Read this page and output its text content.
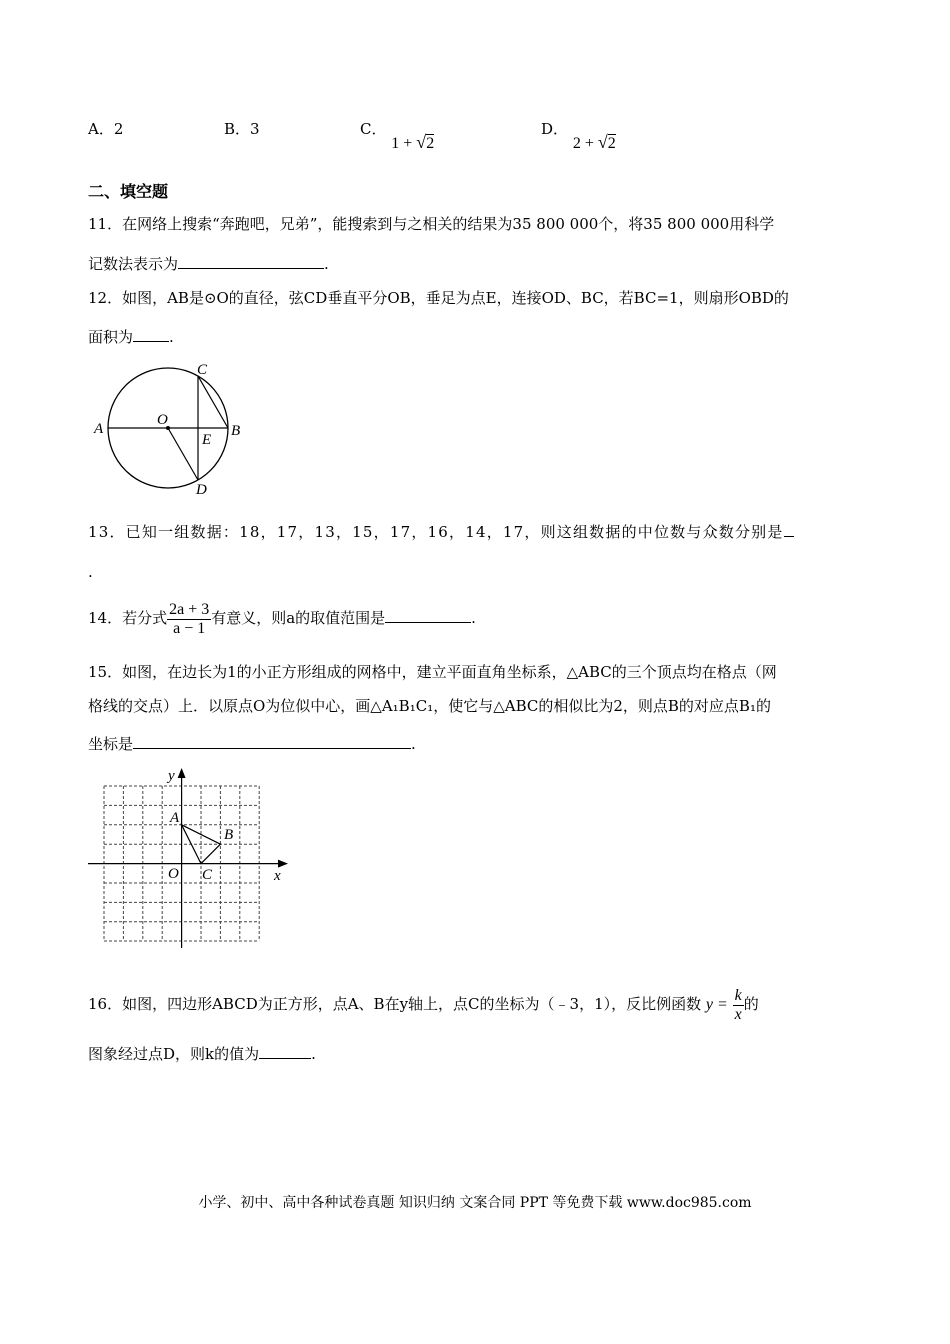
A．2	B．3	C． 1 + √2
D． 2 + √2
二、填空题
11．在网络上搜索“奔跑吧，兄弟”，能搜索到与之相关的结果为35 800 000个，将35 800 000用科学
记数法表示为	.
12．如图，AB是⊙O的直径，弦CD垂直平分OB，垂足为点E，连接OD、BC，若BC=1，则扇形OBD的
面积为 .
A	B
C
D
E
O
13．已知一组数据：18，17，13，15，17，16，14，17，则这组数据的中位数与众数分别是
.
14．若分式 $\frac{2a + 3}{a - 1}$ 有意义，则a的取值范围是	.
15．如图，在边长为1的小正方形组成的网格中，建立平面直角坐标系，△ABC的三个顶点均在格点（网
格线的交点）上．以原点O为位似中心，画△A₁B₁C₁，使它与△ABC的相似比为2，则点B的对应点B₁的
坐标是	.
y
x
O
A
B
C
16．如图，四边形ABCD为正方形，点A、B在y轴上，点C的坐标为（﹣3，1），反比例函数 $y = \frac{k}{x}$ 的
图象经过点D，则k的值为	.
小学、初中、高中各种试卷真题 知识归纳 文案合同 PPT 等免费下载 www.doc985.com
